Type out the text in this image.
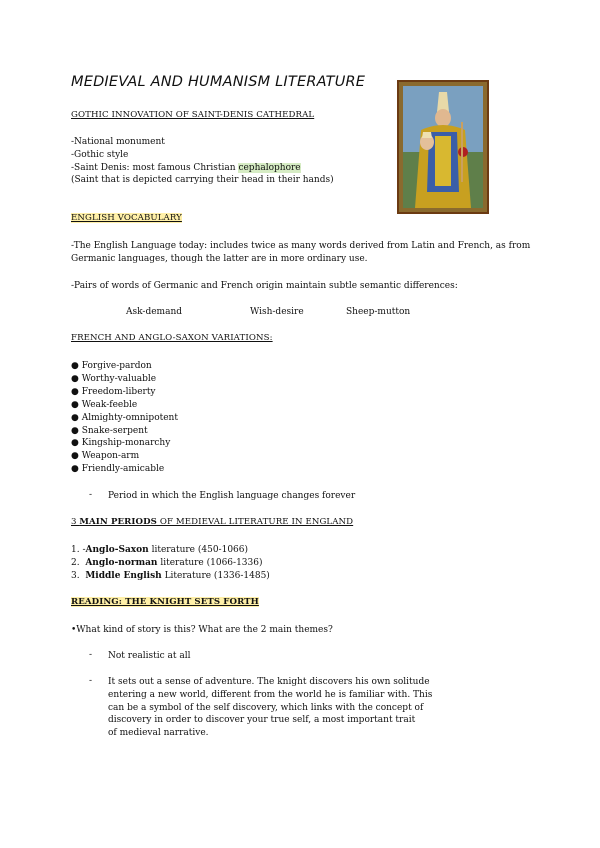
MEDIEVAL AND HUMANISM LITERATURE
GOTHIC INNOVATION OF SAINT-DENIS CATHEDRAL
-National monument
-Gothic style
-Saint Denis: most famous Christian cephalophore
(Saint that is depicted carrying their head in their hands)
ENGLISH VOCABULARY
-The English Language today: includes twice as many words derived from Latin and French, as from
Germanic languages, though the latter are in more ordinary use.
-Pairs of words of Germanic and French origin maintain subtle semantic differences:
Ask-demand	Wish-desire	Sheep-mutton
FRENCH AND ANGLO-SAXON VARIATIONS:
● Forgive-pardon
● Worthy-valuable
● Freedom-liberty
● Weak-feeble
● Almighty-omnipotent
● Snake-serpent
● Kingship-monarchy
● Weapon-arm
● Friendly-amicable
- Period in which the English language changes forever
3 MAIN PERIODS OF MEDIEVAL LITERATURE IN ENGLAND
1. -Anglo-Saxon literature (450-1066)
2.  Anglo-norman literature (1066-1336)
3.  Middle English Literature (1336-1485)
READING: THE KNIGHT SETS FORTH
•What kind of story is this? What are the 2 main themes?
- Not realistic at all
- It sets out a sense of adventure. The knight discovers his own solitude
entering a new world, different from the world he is familiar with. This
can be a symbol of the self discovery, which links with the concept of
discovery in order to discover your true self, a most important trait
of medieval narrative.
